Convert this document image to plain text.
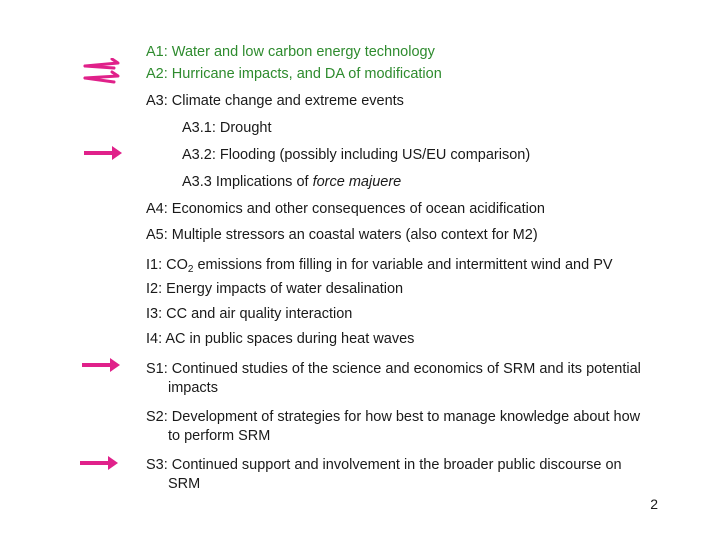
A1: Water and low carbon energy technology
A2: Hurricane impacts, and DA of modification
A3: Climate change and extreme events
A3.1: Drought
A3.2: Flooding (possibly including US/EU comparison)
A3.3 Implications of force majuere
A4: Economics and other consequences of ocean acidification
A5: Multiple stressors an coastal waters (also context for M2)
I1: $CO_2$ emissions from filling in for variable and intermittent wind and PV
I2: Energy impacts of water desalination
I3: CC and air quality interaction
I4: AC in public spaces during heat waves
S1: Continued studies of the science and economics of SRM and its potential
impacts
S2: Development of strategies for how best to manage knowledge about how
to perform SRM
S3: Continued support and involvement in the broader public discourse on
SRM
2
